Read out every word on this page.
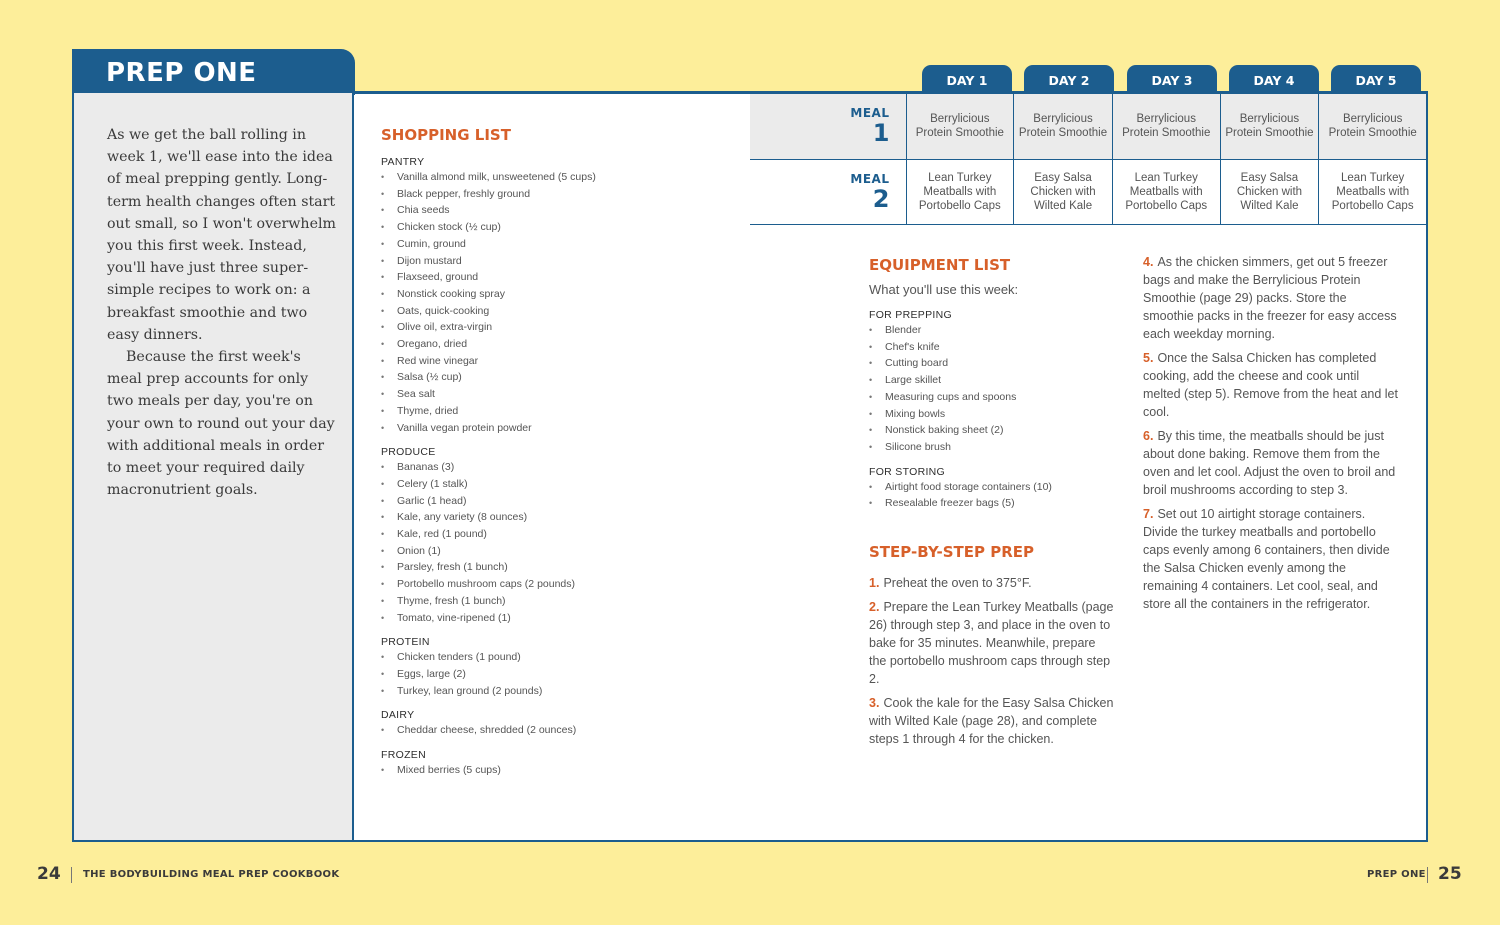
PREP ONE

As we get the ball rolling in week 1, we'll ease into the idea of meal prepping gently. Long-term health changes often start out small, so I won't overwhelm you this first week. Instead, you'll have just three super-simple recipes to work on: a breakfast smoothie and two easy dinners.

Because the first week's meal prep accounts for only two meals per day, you're on your own to round out your day with additional meals in order to meet your required daily macronutrient goals.

SHOPPING LIST
PANTRY
• Vanilla almond milk, unsweetened (5 cups)
• Black pepper, freshly ground
• Chia seeds
• Chicken stock (½ cup)
• Cumin, ground
• Dijon mustard
• Flaxseed, ground
• Nonstick cooking spray
• Oats, quick-cooking
• Olive oil, extra-virgin
• Oregano, dried
• Red wine vinegar
• Salsa (½ cup)
• Sea salt
• Thyme, dried
• Vanilla vegan protein powder
PRODUCE
• Bananas (3)
• Celery (1 stalk)
• Garlic (1 head)
• Kale, any variety (8 ounces)
• Kale, red (1 pound)
• Onion (1)
• Parsley, fresh (1 bunch)
• Portobello mushroom caps (2 pounds)
• Thyme, fresh (1 bunch)
• Tomato, vine-ripened (1)
PROTEIN
• Chicken tenders (1 pound)
• Eggs, large (2)
• Turkey, lean ground (2 pounds)
DAIRY
• Cheddar cheese, shredded (2 ounces)
FROZEN
• Mixed berries (5 cups)
DAY 1	DAY 2	DAY 3	DAY 4	DAY 5
MEAL
1	Berrylicious Protein Smoothie	Berrylicious Protein Smoothie	Berrylicious Protein Smoothie	Berrylicious Protein Smoothie	Berrylicious Protein Smoothie

MEAL
2	Lean Turkey Meatballs with Portobello Caps	Easy Salsa Chicken with Wilted Kale	Lean Turkey Meatballs with Portobello Caps	Easy Salsa Chicken with Wilted Kale	Lean Turkey Meatballs with Portobello Caps
EQUIPMENT LIST
What you'll use this week:
FOR PREPPING
• Blender
• Chef's knife
• Cutting board
• Large skillet
• Measuring cups and spoons
• Mixing bowls
• Nonstick baking sheet (2)
• Silicone brush
FOR STORING
• Airtight food storage containers (10)
• Resealable freezer bags (5)
STEP-BY-STEP PREP
1. Preheat the oven to 375°F.
2. Prepare the Lean Turkey Meatballs (page 26) through step 3, and place in the oven to bake for 35 minutes. Meanwhile, prepare the portobello mushroom caps through step 2.
3. Cook the kale for the Easy Salsa Chicken with Wilted Kale (page 28), and complete steps 1 through 4 for the chicken.
4. As the chicken simmers, get out 5 freezer bags and make the Berrylicious Protein Smoothie (page 29) packs. Store the smoothie packs in the freezer for easy access each weekday morning.
5. Once the Salsa Chicken has completed cooking, add the cheese and cook until melted (step 5). Remove from the heat and let cool.
6. By this time, the meatballs should be just about done baking. Remove them from the oven and let cool. Adjust the oven to broil and broil mushrooms according to step 3.
7. Set out 10 airtight storage containers. Divide the turkey meatballs and portobello caps evenly among 6 containers, then divide the Salsa Chicken evenly among the remaining 4 containers. Let cool, seal, and store all the containers in the refrigerator.
24 THE BODYBUILDING MEAL PREP COOKBOOK	PREP ONE 25
